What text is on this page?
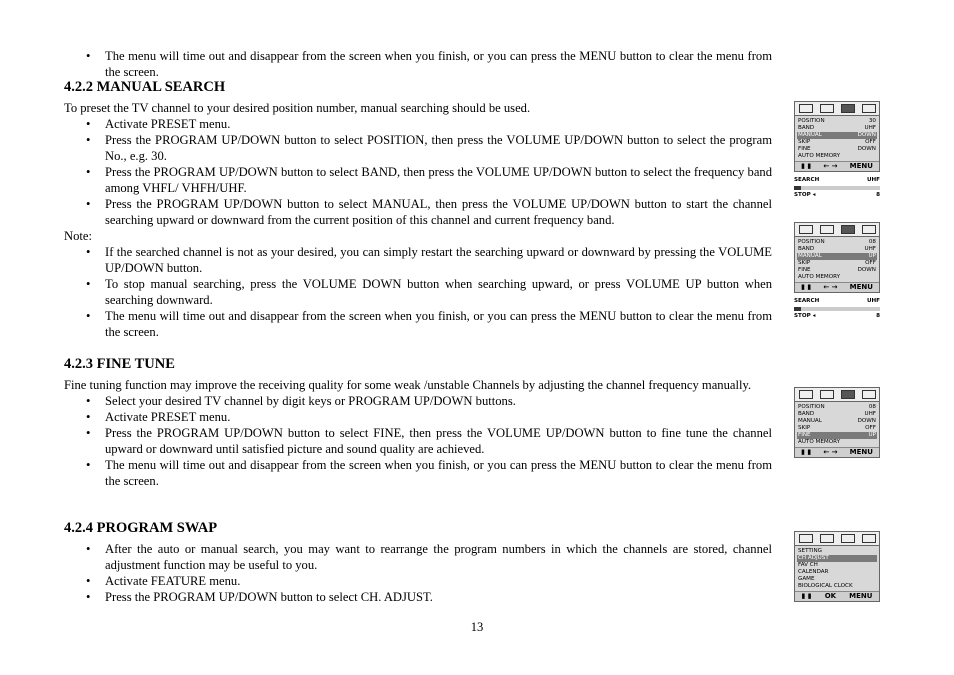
• The menu will time out and disappear from the screen when you finish, or you can press the MENU button to clear the menu from the screen.
4.2.2 MANUAL SEARCH

To preset the TV channel to your desired position number, manual searching should be used.

• Activate PRESET menu.
• Press the PROGRAM UP/DOWN button to select POSITION, then press the VOLUME UP/DOWN button to select the program No., e.g. 30.
• Press the PROGRAM UP/DOWN button to select BAND, then press the VOLUME UP/DOWN button to select the frequency band among VHFL/ VHFH/UHF.
• Press the PROGRAM UP/DOWN button to select MANUAL, then press the VOLUME UP/DOWN button to start the channel searching upward or downward from the current position of this channel and current frequency band.

Note:

• If the searched channel is not as your desired, you can simply restart the searching upward or downward by pressing the VOLUME UP/DOWN button.
• To stop manual searching, press the VOLUME DOWN button when searching upward, or press VOLUME UP button when searching downward.
• The menu will time out and disappear from the screen when you finish, or you can press the MENU button to clear the menu from the screen.
4.2.3 FINE TUNE

Fine tuning function may improve the receiving quality for some weak /unstable Channels by adjusting the channel frequency manually.

• Select your desired TV channel by digit keys or PROGRAM UP/DOWN buttons.
• Activate PRESET menu.
• Press the PROGRAM UP/DOWN button to select FINE, then press the VOLUME UP/DOWN button to fine tune the channel upward or downward until satisfied picture and sound quality are achieved.
• The menu will time out and disappear from the screen when you finish, or you can press the MENU button to clear the menu from the screen.
4.2.4 PROGRAM SWAP
• After the auto or manual search, you may want to rearrange the program numbers in which the channels are stored, channel adjustment function may be useful to you.
• Activate FEATURE menu.
• Press the PROGRAM UP/DOWN button to select CH. ADJUST.
13
POSITION	30
BAND	UHF
MANUAL	DOWN
SKIP	OFF
FINE	DOWN
AUTO MEMORY
▮ ▮ ← → MENU
SEARCH	UHF
STOP ◂	8
POSITION	08
BAND	UHF
MANUAL	UP
SKIP	OFF
FINE	DOWN
AUTO MEMORY
▮ ▮ ← → MENU
SEARCH	UHF
STOP ◂	8
POSITION	08
BAND	UHF
MANUAL	DOWN
SKIP	OFF
FINE	UP
AUTO MEMORY
▮ ▮ ← → MENU
SETTING
CH ADJUST
FAV CH
CALENDAR
GAME
BIOLOGICAL CLOCK
▮ ▮ OK MENU
